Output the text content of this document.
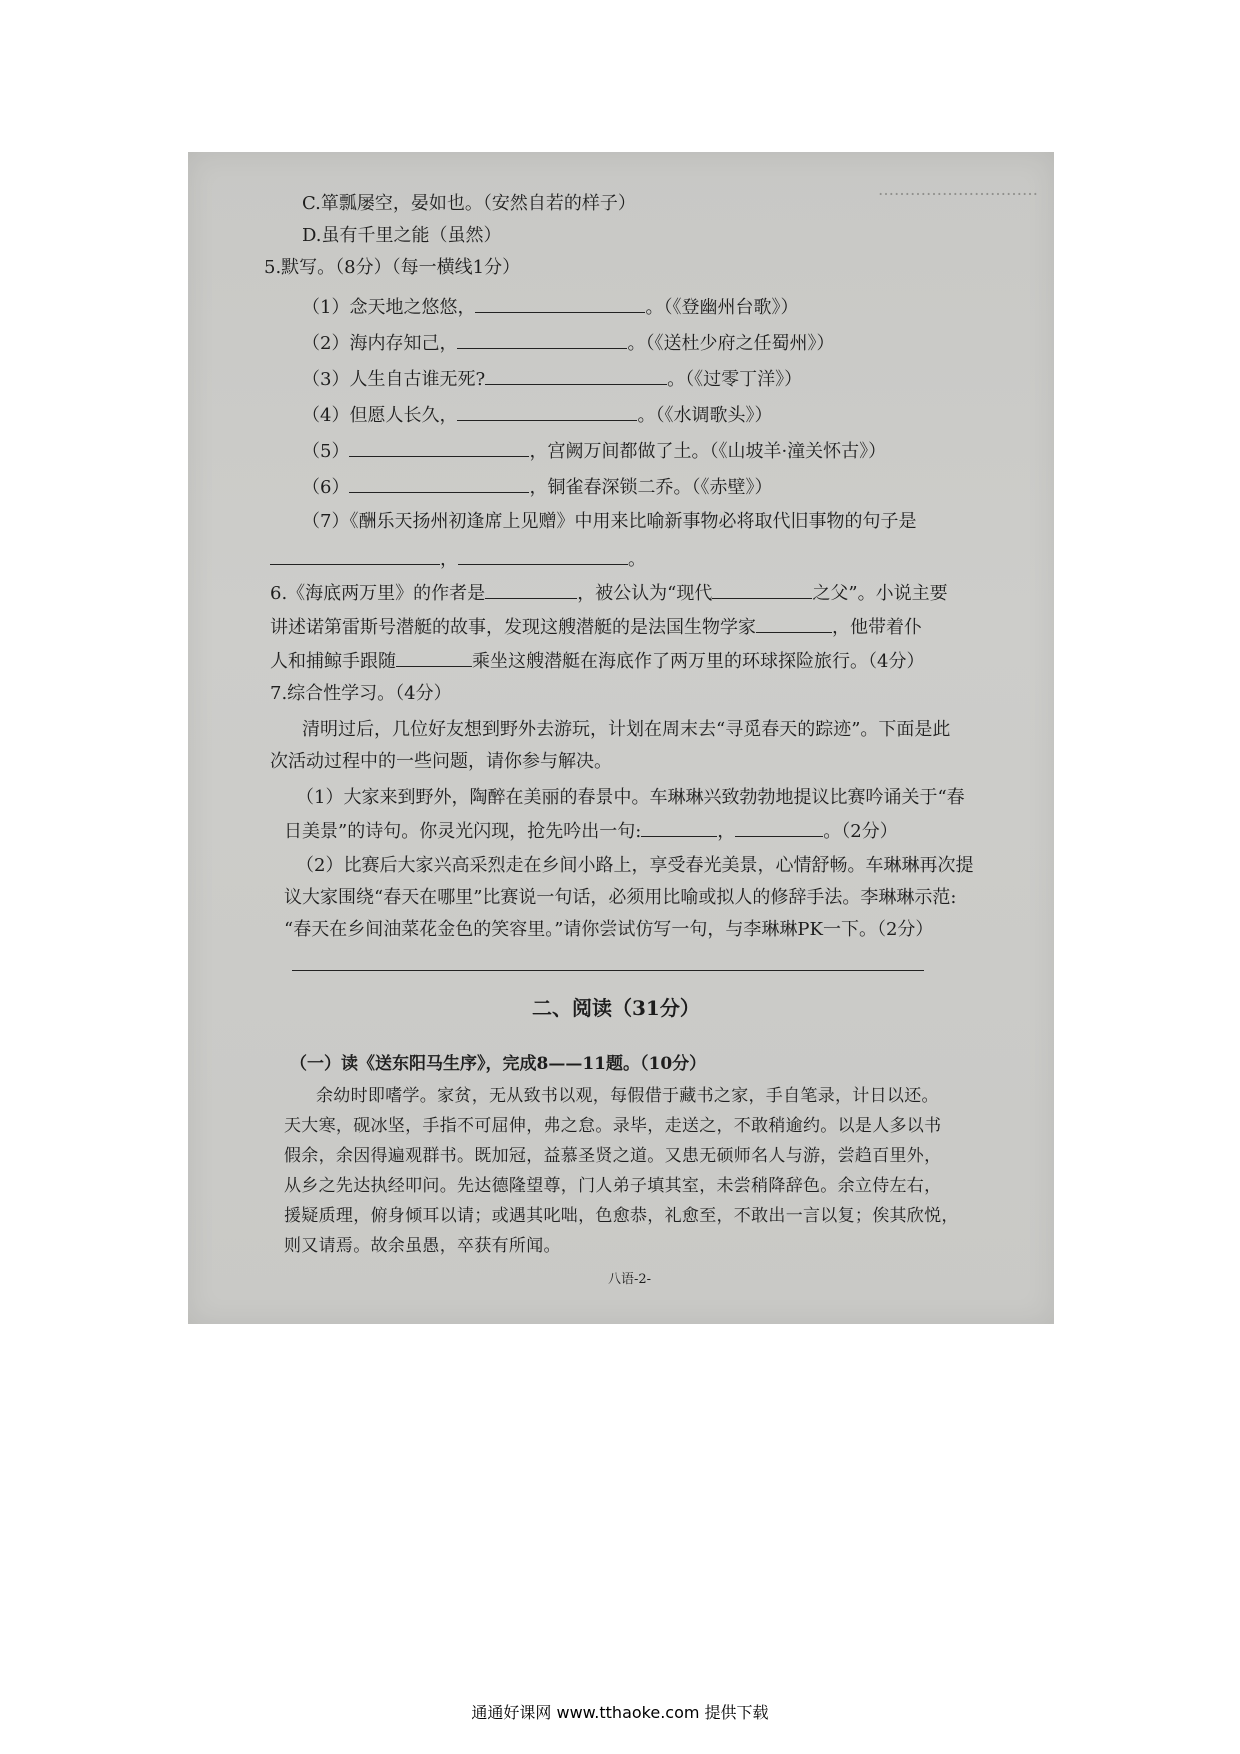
…………………………
C.箪瓢屡空，晏如也。（安然自若的样子）
D.虽有千里之能（虽然）
5.默写。（8分）（每一横线1分）
（1）念天地之悠悠，	。（《登幽州台歌》）
（2）海内存知己，	。（《送杜少府之任蜀州》）
（3）人生自古谁无死?	。（《过零丁洋》）
（4）但愿人长久，	。（《水调歌头》）
（5）	，宫阙万间都做了土。（《山坡羊·潼关怀古》）
（6）	，铜雀春深锁二乔。（《赤壁》）
（7）《酬乐天扬州初逢席上见赠》中用来比喻新事物必将取代旧事物的句子是
，	。
6.《海底两万里》的作者是	，被公认为“现代	之父”。小说主要
讲述诺第雷斯号潜艇的故事，发现这艘潜艇的是法国生物学家	，他带着仆
人和捕鲸手跟随	乘坐这艘潜艇在海底作了两万里的环球探险旅行。（4分）
7.综合性学习。（4分）
清明过后，几位好友想到野外去游玩，计划在周末去“寻觅春天的踪迹”。下面是此
次活动过程中的一些问题，请你参与解决。
（1）大家来到野外，陶醉在美丽的春景中。车琳琳兴致勃勃地提议比赛吟诵关于“春
日美景”的诗句。你灵光闪现，抢先吟出一句:	，	。（2分）
（2）比赛后大家兴高采烈走在乡间小路上，享受春光美景，心情舒畅。车琳琳再次提
议大家围绕“春天在哪里”比赛说一句话，必须用比喻或拟人的修辞手法。李琳琳示范:
“春天在乡间油菜花金色的笑容里。”请你尝试仿写一句，与李琳琳PK一下。（2分）
二、阅读（31分）
（一）读《送东阳马生序》，完成8——11题。（10分）
余幼时即嗜学。家贫，无从致书以观，每假借于藏书之家，手自笔录，计日以还。
天大寒，砚冰坚，手指不可屈伸，弗之怠。录毕，走送之，不敢稍逾约。以是人多以书
假余，余因得遍观群书。既加冠，益慕圣贤之道。又患无硕师名人与游，尝趋百里外，
从乡之先达执经叩问。先达德隆望尊，门人弟子填其室，未尝稍降辞色。余立侍左右，
援疑质理，俯身倾耳以请；或遇其叱咄，色愈恭，礼愈至，不敢出一言以复；俟其欣悦，
则又请焉。故余虽愚，卒获有所闻。
八语-2-
通通好课网 www.tthaoke.com 提供下载
